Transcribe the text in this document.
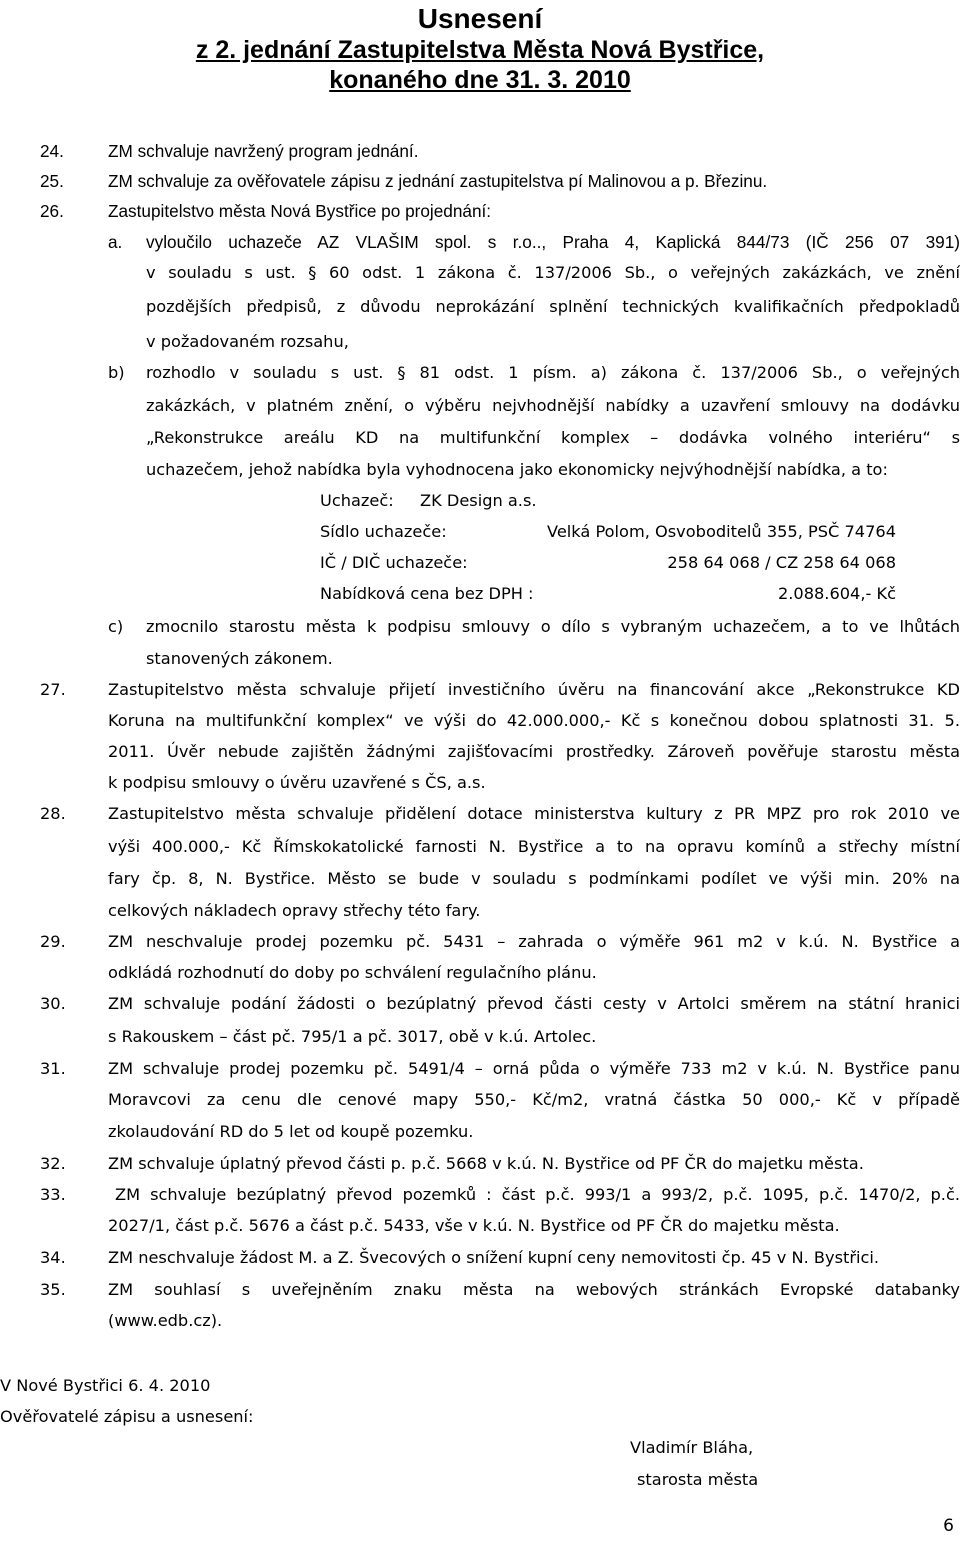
Usnesení
z 2. jednání Zastupitelstva Města Nová Bystřice,
konaného dne 31. 3. 2010
24.	ZM schvaluje navržený program jednání.
25.	ZM schvaluje za ověřovatele zápisu z jednání zastupitelstva pí Malinovou a p. Březinu.
26.	Zastupitelstvo města Nová Bystřice po projednání:
a. vyloučilo uchazeče AZ VLAŠIM spol. s r.o.., Praha 4, Kaplická 844/73 (IČ 256 07 391)
v souladu s ust. § 60 odst. 1 zákona č. 137/2006 Sb., o veřejných zakázkách, ve znění
pozdějších předpisů, z důvodu neprokázání splnění technických kvalifikačních předpokladů
v požadovaném rozsahu,
b) rozhodlo v souladu s ust. § 81 odst. 1 písm. a) zákona č. 137/2006 Sb., o veřejných
zakázkách, v platném znění, o výběru nejvhodnější nabídky a uzavření smlouvy na dodávku
„Rekonstrukce areálu KD na multifunkční komplex – dodávka volného interiéru“ s
uchazečem, jehož nabídka byla vyhodnocena jako ekonomicky nejvýhodnější nabídka, a to:
Uchazeč: ZK Design a.s.
Sídlo uchazeče:	Velká Polom, Osvoboditelů 355, PSČ 74764
IČ / DIČ uchazeče:	258 64 068 / CZ 258 64 068
Nabídková cena bez DPH :	2.088.604,- Kč
c) zmocnilo starostu města k podpisu smlouvy o dílo s vybraným uchazečem, a to ve lhůtách
stanovených zákonem.
27.	Zastupitelstvo města schvaluje přijetí investičního úvěru na financování akce „Rekonstrukce KD
Koruna na multifunkční komplex“ ve výši do 42.000.000,- Kč s konečnou dobou splatnosti 31. 5.
2011. Úvěr nebude zajištěn žádnými zajišťovacími prostředky. Zároveň pověřuje starostu města
k podpisu smlouvy o úvěru uzavřené s ČS, a.s.
28.	Zastupitelstvo města schvaluje přidělení dotace ministerstva kultury z PR MPZ pro rok 2010 ve
výši 400.000,- Kč Římskokatolické farnosti N. Bystřice a to na opravu komínů a střechy místní
fary čp. 8, N. Bystřice. Město se bude v souladu s podmínkami podílet ve výši min. 20% na
celkových nákladech opravy střechy této fary.
29.	ZM neschvaluje prodej pozemku pč. 5431 – zahrada o výměře 961 m2 v k.ú. N. Bystřice a
odkládá rozhodnutí do doby po schválení regulačního plánu.
30.	ZM schvaluje podání žádosti o bezúplatný převod části cesty v Artolci směrem na státní hranici
s Rakouskem – část pč. 795/1 a pč. 3017, obě v k.ú. Artolec.
31.	ZM schvaluje prodej pozemku pč. 5491/4 – orná půda o výměře 733 m2 v k.ú. N. Bystřice panu
Moravcovi za cenu dle cenové mapy 550,- Kč/m2, vratná částka 50 000,- Kč v případě
zkolaudování RD do 5 let od koupě pozemku.
32.	ZM schvaluje úplatný převod části p. p.č. 5668 v k.ú. N. Bystřice od PF ČR do majetku města.
33.	ZM schvaluje bezúplatný převod pozemků : část p.č. 993/1 a 993/2, p.č. 1095, p.č. 1470/2, p.č.
2027/1, část p.č. 5676 a část p.č. 5433, vše v k.ú. N. Bystřice od PF ČR do majetku města.
34.	ZM neschvaluje žádost M. a Z. Švecových o snížení kupní ceny nemovitosti čp. 45 v N. Bystřici.
35.	ZM souhlasí s uveřejněním znaku města na webových stránkách Evropské databanky
(www.edb.cz).
V Nové Bystřici 6. 4. 2010
Ověřovatelé zápisu a usnesení:
Vladimír Bláha,
starosta města
6
